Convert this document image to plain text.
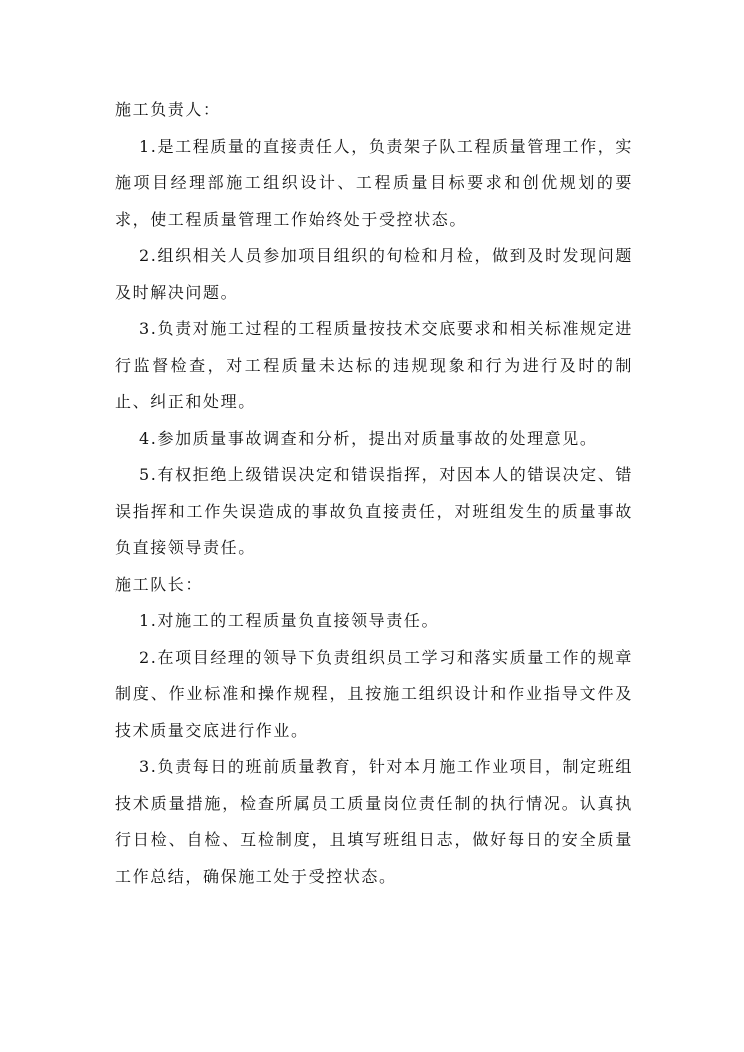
施工负责人：

1.是工程质量的直接责任人，负责架子队工程质量管理工作，实施项目经理部施工组织设计、工程质量目标要求和创优规划的要求，使工程质量管理工作始终处于受控状态。

2.组织相关人员参加项目组织的旬检和月检，做到及时发现问题及时解决问题。

3.负责对施工过程的工程质量按技术交底要求和相关标准规定进行监督检查，对工程质量未达标的违规现象和行为进行及时的制止、纠正和处理。

4.参加质量事故调查和分析，提出对质量事故的处理意见。

5.有权拒绝上级错误决定和错误指挥，对因本人的错误决定、错误指挥和工作失误造成的事故负直接责任，对班组发生的质量事故负直接领导责任。

施工队长：

1.对施工的工程质量负直接领导责任。

2.在项目经理的领导下负责组织员工学习和落实质量工作的规章制度、作业标准和操作规程，且按施工组织设计和作业指导文件及技术质量交底进行作业。

3.负责每日的班前质量教育，针对本月施工作业项目，制定班组技术质量措施，检查所属员工质量岗位责任制的执行情况。认真执行日检、自检、互检制度，且填写班组日志，做好每日的安全质量工作总结，确保施工处于受控状态。
